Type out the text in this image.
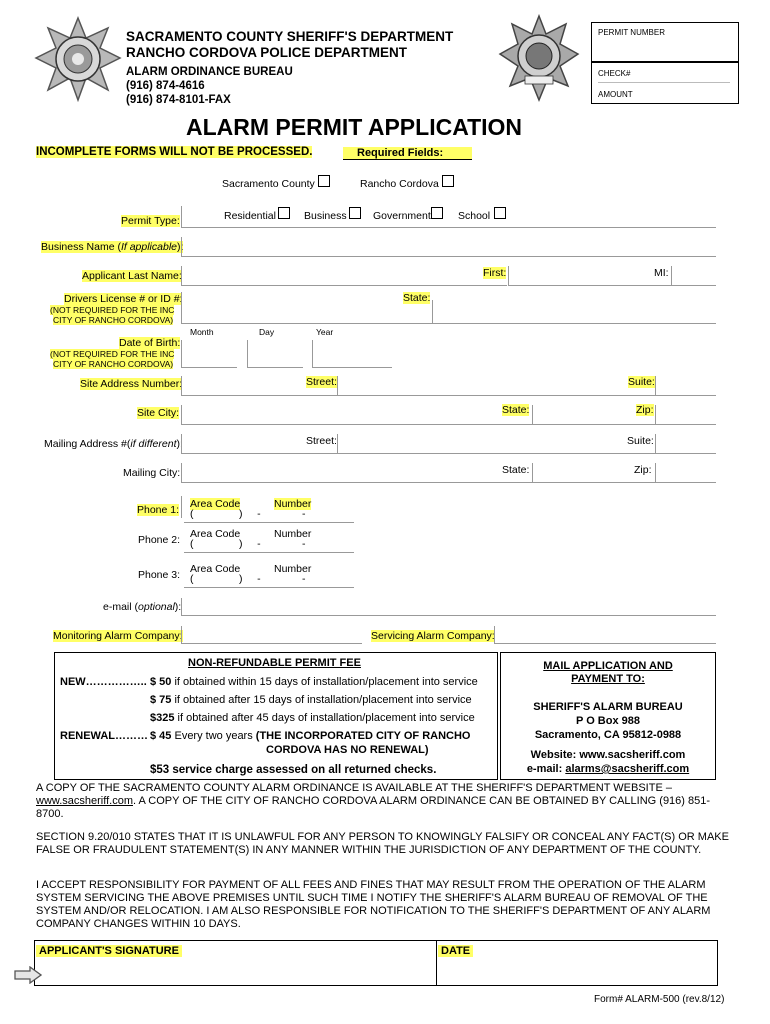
SACRAMENTO COUNTY SHERIFF'S DEPARTMENT
RANCHO CORDOVA POLICE DEPARTMENT
ALARM ORDINANCE BUREAU
(916) 874-4616
(916) 874-8101-FAX
PERMIT NUMBER
CHECK#
AMOUNT
ALARM PERMIT APPLICATION
INCOMPLETE FORMS WILL NOT BE PROCESSED.	Required Fields:
Sacramento County	Rancho Cordova
Permit Type:	Residential	Business	Government	School
Business Name (If applicable):
Applicant Last Name:	First:	MI:
Drivers License # or ID #:
(NOT REQUIRED FOR THE INC
CITY OF RANCHO CORDOVA)
State:
Month	Day	Year
Date of Birth:
(NOT REQUIRED FOR THE INC
CITY OF RANCHO CORDOVA)
Site Address Number:	Street:	Suite:
Site City:	State:	Zip:
Mailing Address #(if different):	Street:	Suite:
Mailing City:	State:	Zip:
Phone 1: Area Code	Number
(	)     -	-
Phone 2: Area Code	Number
(	)     -	-
Phone 3: Area Code	Number
(	)     -	-
e-mail (optional):
Monitoring Alarm Company:	Servicing Alarm Company:
NON-REFUNDABLE PERMIT FEE
NEW…………….. $ 50 if obtained within 15 days of installation/placement into service
$ 75 if obtained after 15 days of installation/placement into service
$325 if obtained after 45 days of installation/placement into service
RENEWAL……… $ 45 Every two years (THE INCORPORATED CITY OF RANCHO
CORDOVA HAS NO RENEWAL)
$53 service charge assessed on all returned checks.
MAIL APPLICATION AND
PAYMENT TO:
SHERIFF'S ALARM BUREAU
P O Box 988
Sacramento, CA 95812-0988
Website: www.sacsheriff.com
e-mail: alarms@sacsheriff.com
A COPY OF THE SACRAMENTO COUNTY ALARM ORDINANCE IS AVAILABLE AT THE SHERIFF'S DEPARTMENT WEBSITE – www.sacsheriff.com. A COPY OF THE CITY OF RANCHO CORDOVA ALARM ORDINANCE CAN BE OBTAINED BY CALLING (916) 851-8700.
SECTION 9.20/010 STATES THAT IT IS UNLAWFUL FOR ANY PERSON TO KNOWINGLY FALSIFY OR CONCEAL ANY FACT(S) OR MAKE FALSE OR FRAUDULENT STATEMENT(S) IN ANY MANNER WITHIN THE JURISDICTION OF ANY DEPARTMENT OF THE COUNTY.
I ACCEPT RESPONSIBILITY FOR PAYMENT OF ALL FEES AND FINES THAT MAY RESULT FROM THE OPERATION OF THE ALARM SYSTEM SERVICING THE ABOVE PREMISES UNTIL SUCH TIME I NOTIFY THE SHERIFF'S ALARM BUREAU OF REMOVAL OF THE SYSTEM AND/OR RELOCATION. I AM ALSO RESPONSIBLE FOR NOTIFICATION TO THE SHERIFF'S DEPARTMENT OF ANY ALARM COMPANY CHANGES WITHIN 10 DAYS.
APPLICANT'S SIGNATURE	DATE
Form# ALARM-500 (rev.8/12)
